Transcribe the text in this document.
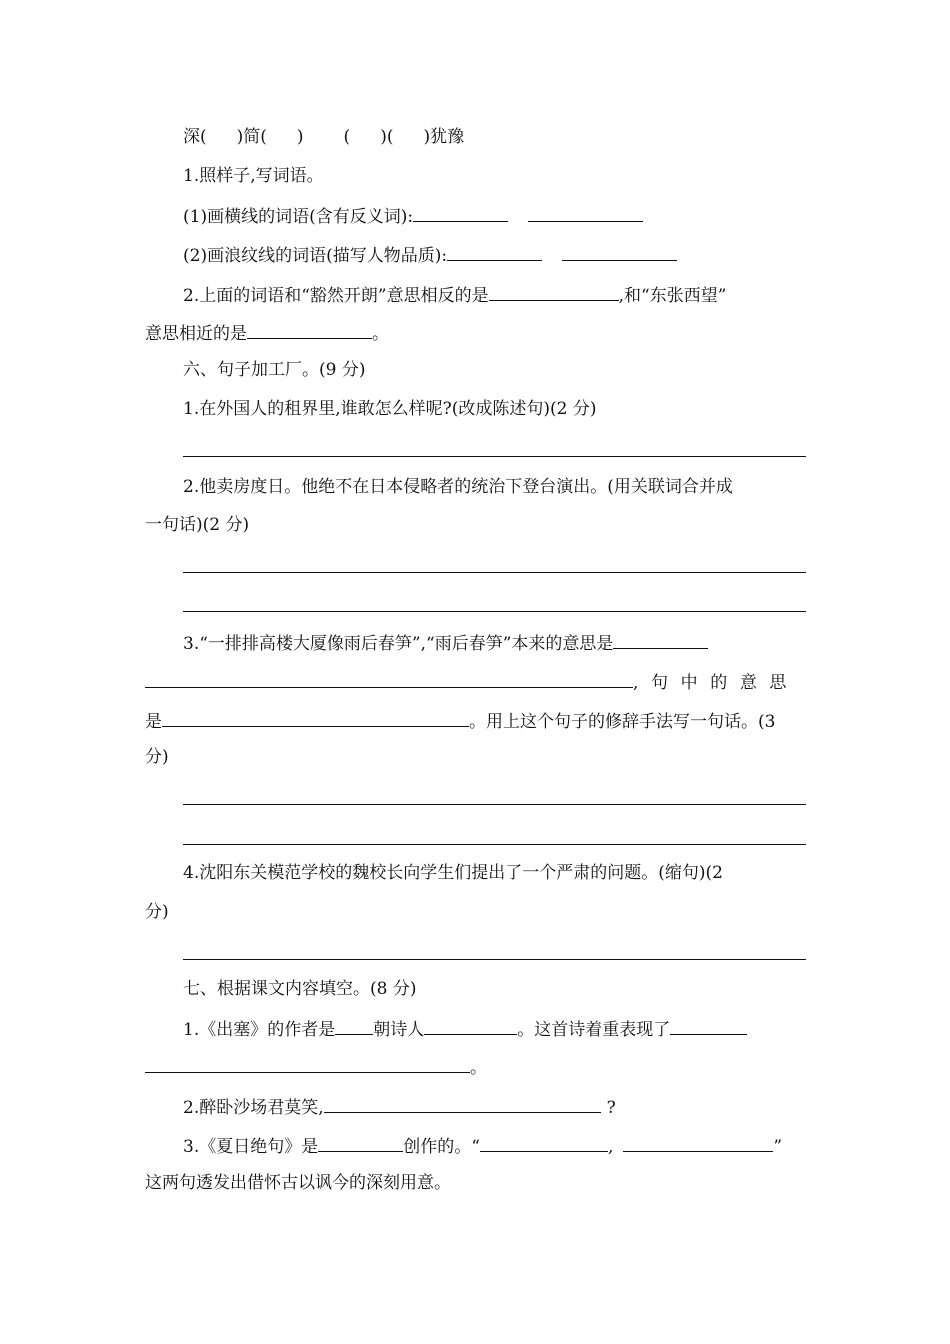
深( )简( ) ( )( )犹豫
1.照样子,写词语。
(1)画横线的词语(含有反义词):
(2)画浪纹线的词语(描写人物品质):
2.上面的词语和“豁然开朗”意思相反的是	,和“东张西望”
意思相近的是	。
六、句子加工厂。(9 分)
1.在外国人的租界里,谁敢怎么样呢?(改成陈述句)(2 分)
2.他卖房度日。他绝不在日本侵略者的统治下登台演出。(用关联词合并成
一句话)(2 分)
3.“一排排高楼大厦像雨后春笋”,“雨后春笋”本来的意思是
, 句 中 的 意 思
是	。用上这个句子的修辞手法写一句话。(3
分)
4.沈阳东关模范学校的魏校长向学生们提出了一个严肃的问题。(缩句)(2
分)
七、根据课文内容填空。(8 分)
1.《出塞》的作者是 朝诗人	。这首诗着重表现了
。
2.醉卧沙场君莫笑,	?
3.《夏日绝句》是	创作的。“	,	”
这两句透发出借怀古以讽今的深刻用意。
